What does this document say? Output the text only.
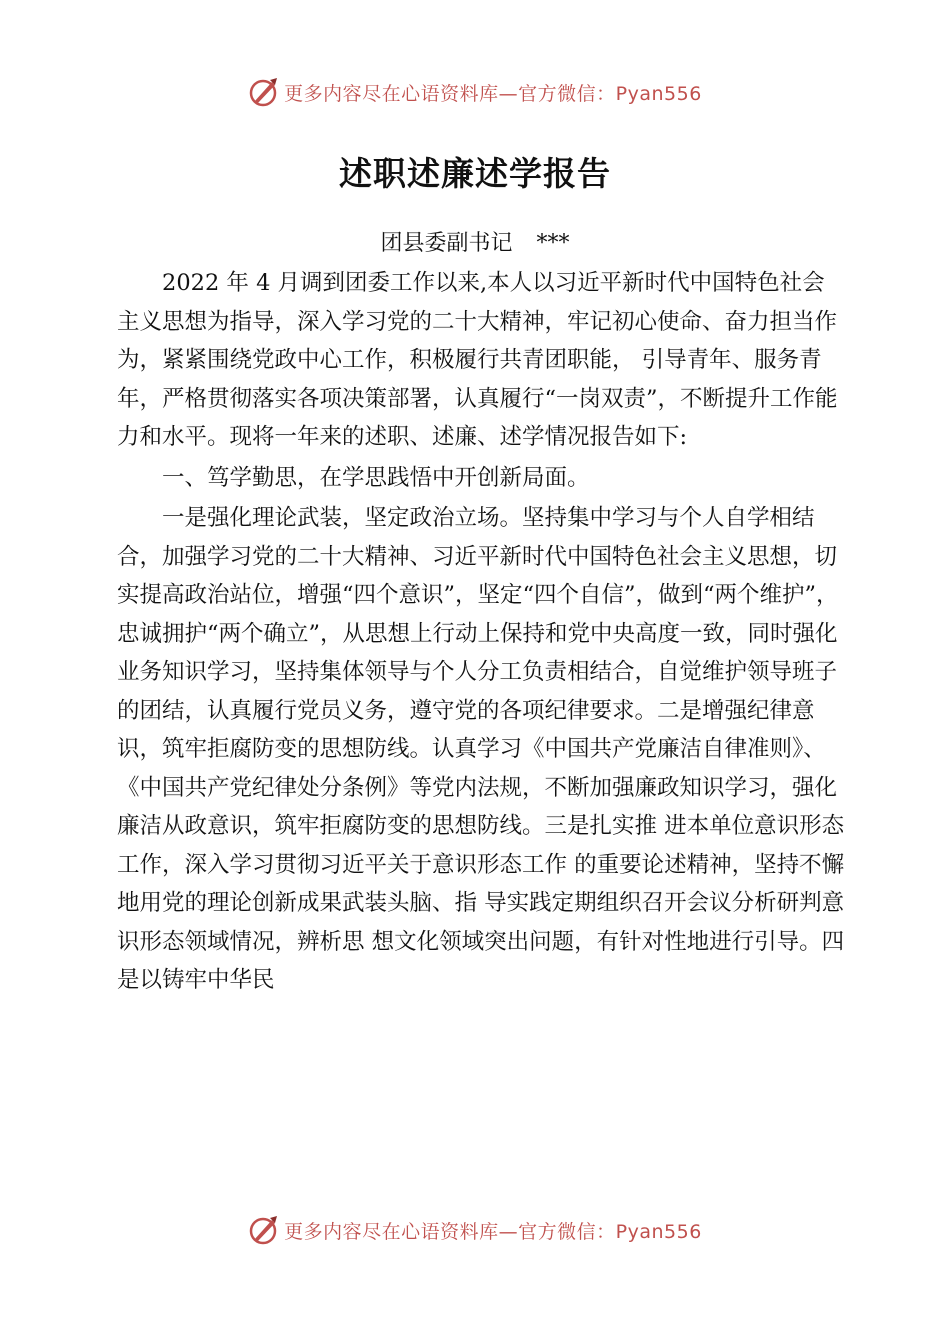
更多内容尽在心语资料库—官方微信：Pyan556
述职述廉述学报告
团县委副书记 ***

2022 年 4 月调到团委工作以来,本人以习近平新时代中国特色社会主义思想为指导，深入学习党的二十大精神，牢记初心使命、奋力担当作为，紧紧围绕党政中心工作，积极履行共青团职能， 引导青年、服务青年，严格贯彻落实各项决策部署，认真履行“一岗双责”，不断提升工作能力和水平。现将一年来的述职、述廉、述学情况报告如下:

一、笃学勤思，在学思践悟中开创新局面。

一是强化理论武装，坚定政治立场。坚持集中学习与个人自学相结合，加强学习党的二十大精神、习近平新时代中国特色社会主义思想，切实提高政治站位，增强“四个意识”，坚定“四个自信”，做到“两个维护”，忠诚拥护“两个确立”，从思想上行动上保持和党中央高度一致，同时强化业务知识学习，坚持集体领导与个人分工负责相结合，自觉维护领导班子的团结，认真履行党员义务，遵守党的各项纪律要求。二是增强纪律意识，筑牢拒腐防变的思想防线。认真学习《中国共产党廉洁自律准则》、《中国共产党纪律处分条例》等党内法规，不断加强廉政知识学习，强化廉洁从政意识，筑牢拒腐防变的思想防线。三是扎实推 进本单位意识形态工作，深入学习贯彻习近平关于意识形态工作 的重要论述精神，坚持不懈地用党的理论创新成果武装头脑、指 导实践定期组织召开会议分析研判意识形态领域情况，辨析思 想文化领域突出问题，有针对性地进行引导。四是以铸牢中华民

更多内容尽在心语资料库—官方微信：Pyan556
